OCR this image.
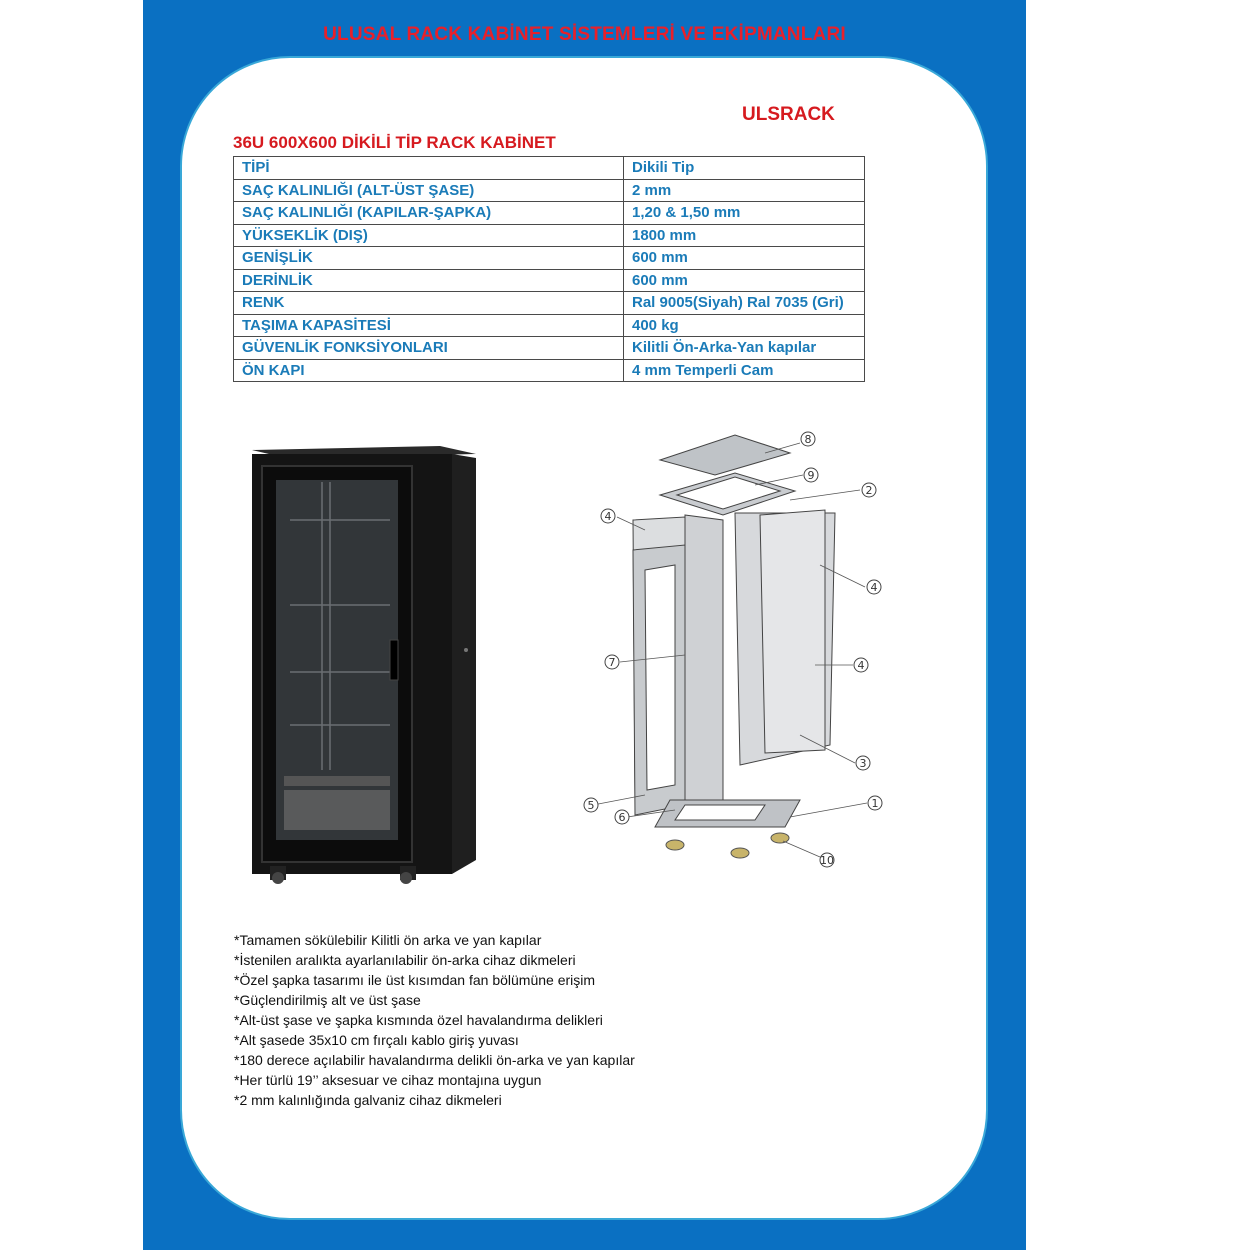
ULUSAL RACK KABİNET SİSTEMLERİ VE EKİPMANLARI
ULSRACK
36U 600X600 DİKİLİ TİP RACK KABİNET
TİPİ	Dikili Tip
SAÇ KALINLIĞI (ALT-ÜST ŞASE)	2 mm
SAÇ KALINLIĞI (KAPILAR-ŞAPKA)	1,20 & 1,50 mm
YÜKSEKLİK (DIŞ)	1800 mm
GENİŞLİK	600 mm
DERİNLİK	600 mm
RENK	Ral 9005(Siyah) Ral 7035 (Gri)
TAŞIMA KAPASİTESİ	400 kg
GÜVENLİK FONKSİYONLARI	Kilitli Ön-Arka-Yan kapılar
ÖN KAPI	4 mm Temperli Cam
8
9
2
4
4
4
7
3
5
6
1
10
*Tamamen sökülebilir Kilitli ön arka ve yan kapılar
*İstenilen aralıkta ayarlanılabilir ön-arka cihaz dikmeleri
*Özel şapka tasarımı ile üst kısımdan fan bölümüne erişim
*Güçlendirilmiş alt ve üst şase
*Alt-üst şase ve şapka kısmında özel havalandırma delikleri
*Alt şasede 35x10 cm fırçalı kablo giriş yuvası
*180 derece açılabilir havalandırma delikli ön-arka ve yan kapılar
*Her türlü 19’’ aksesuar ve cihaz montajına uygun
*2 mm kalınlığında galvaniz cihaz dikmeleri
